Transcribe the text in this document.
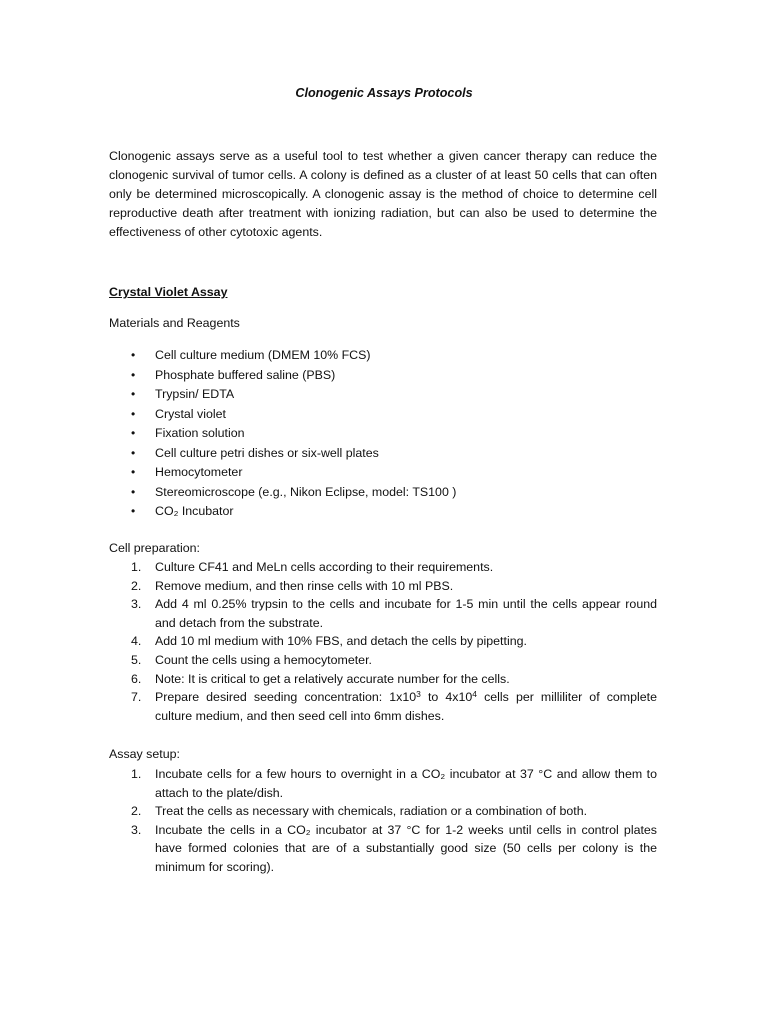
Clonogenic Assays Protocols

Clonogenic assays serve as a useful tool to test whether a given cancer therapy can reduce the clonogenic survival of tumor cells. A colony is defined as a cluster of at least 50 cells that can often only be determined microscopically. A clonogenic assay is the method of choice to determine cell reproductive death after treatment with ionizing radiation, but can also be used to determine the effectiveness of other cytotoxic agents.

Crystal Violet Assay

Materials and Reagents

• Cell culture medium (DMEM 10% FCS)
• Phosphate buffered saline (PBS)
• Trypsin/ EDTA
• Crystal violet
• Fixation solution
• Cell culture petri dishes or six-well plates
• Hemocytometer
• Stereomicroscope (e.g., Nikon Eclipse, model: TS100 )
• CO₂ Incubator

Cell preparation:

1. Culture CF41 and MeLn cells according to their requirements.
2. Remove medium, and then rinse cells with 10 ml PBS.
3. Add 4 ml 0.25% trypsin to the cells and incubate for 1-5 min until the cells appear round and detach from the substrate.
4. Add 10 ml medium with 10% FBS, and detach the cells by pipetting.
5. Count the cells using a hemocytometer.
6. Note: It is critical to get a relatively accurate number for the cells.
7. Prepare desired seeding concentration: $1x10^3$ to $4x10^4$ cells per milliliter of complete culture medium, and then seed cell into 6mm dishes.

Assay setup:

1. Incubate cells for a few hours to overnight in a CO₂ incubator at 37 °C and allow them to attach to the plate/dish.
2. Treat the cells as necessary with chemicals, radiation or a combination of both.
3. Incubate the cells in a CO₂ incubator at 37 °C for 1-2 weeks until cells in control plates have formed colonies that are of a substantially good size (50 cells per colony is the minimum for scoring).
